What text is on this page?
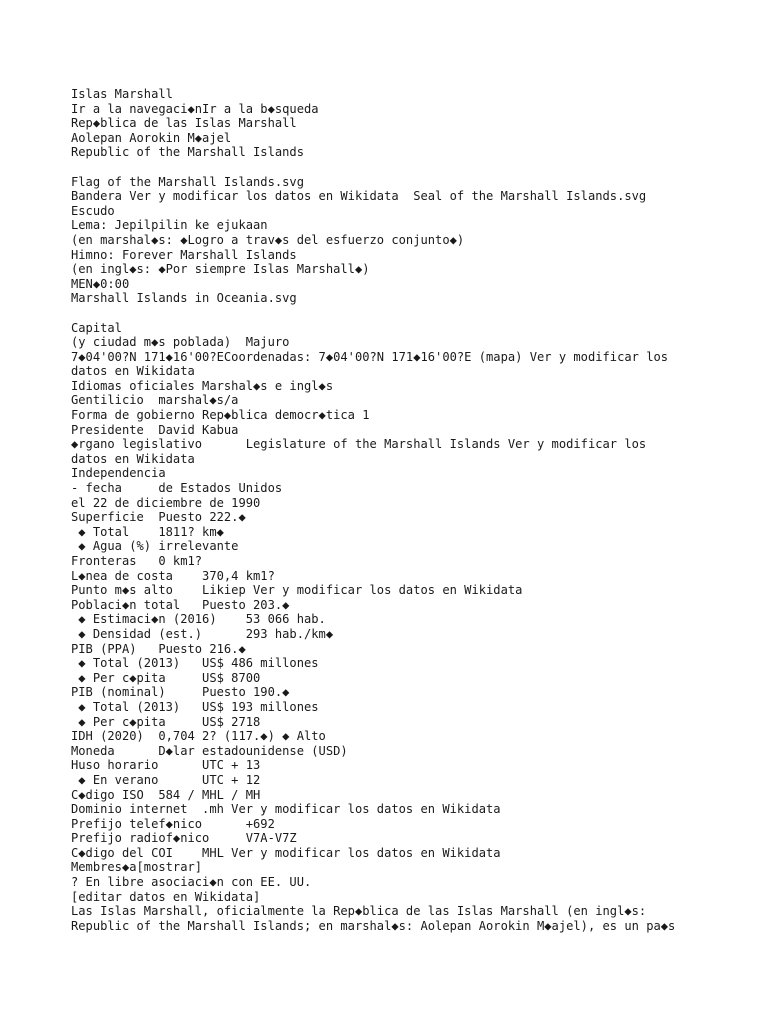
Islas Marshall
Ir a la navegaci◆nIr a la b◆squeda
Rep◆blica de las Islas Marshall
Aolepan Aorokin M◆ajel
Republic of the Marshall Islands
Flag of the Marshall Islands.svg
Bandera Ver y modificar los datos en Wikidata  Seal of the Marshall Islands.svg
Escudo
Lema: Jepilpilin ke ejukaan
(en marshal◆s: ◆Logro a trav◆s del esfuerzo conjunto◆)
Himno: Forever Marshall Islands
(en ingl◆s: ◆Por siempre Islas Marshall◆)
MEN◆0:00
Marshall Islands in Oceania.svg
Capital
(y ciudad m◆s poblada)  Majuro
7◆04'00?N 171◆16'00?ECoordenadas: 7◆04'00?N 171◆16'00?E (mapa) Ver y modificar los
datos en Wikidata
Idiomas oficiales Marshal◆s e ingl◆s
Gentilicio  marshal◆s/a
Forma de gobierno Rep◆blica democr◆tica 1
Presidente  David Kabua
◆rgano legislativo      Legislature of the Marshall Islands Ver y modificar los
datos en Wikidata
Independencia
- fecha     de Estados Unidos
el 22 de diciembre de 1990
Superficie  Puesto 222.◆
◆ Total    1811? km◆
◆ Agua (%) irrelevante
Fronteras   0 km1?
L◆nea de costa    370,4 km1?
Punto m◆s alto    Likiep Ver y modificar los datos en Wikidata
Poblaci◆n total   Puesto 203.◆
◆ Estimaci◆n (2016)    53 066 hab.
◆ Densidad (est.)      293 hab./km◆
PIB (PPA)   Puesto 216.◆
◆ Total (2013)   US$ 486 millones
◆ Per c◆pita     US$ 8700
PIB (nominal)     Puesto 190.◆
◆ Total (2013)   US$ 193 millones
◆ Per c◆pita     US$ 2718
IDH (2020)  0,704 2? (117.◆) ◆ Alto
Moneda      D◆lar estadounidense (USD)
Huso horario      UTC + 13
◆ En verano      UTC + 12
C◆digo ISO  584 / MHL / MH
Dominio internet  .mh Ver y modificar los datos en Wikidata
Prefijo telef◆nico      +692
Prefijo radiof◆nico     V7A-V7Z
C◆digo del COI    MHL Ver y modificar los datos en Wikidata
Membres◆a[mostrar]
? En libre asociaci◆n con EE. UU.
[editar datos en Wikidata]
Las Islas Marshall, oficialmente la Rep◆blica de las Islas Marshall (en ingl◆s:
Republic of the Marshall Islands; en marshal◆s: Aolepan Aorokin M◆ajel), es un pa◆s
